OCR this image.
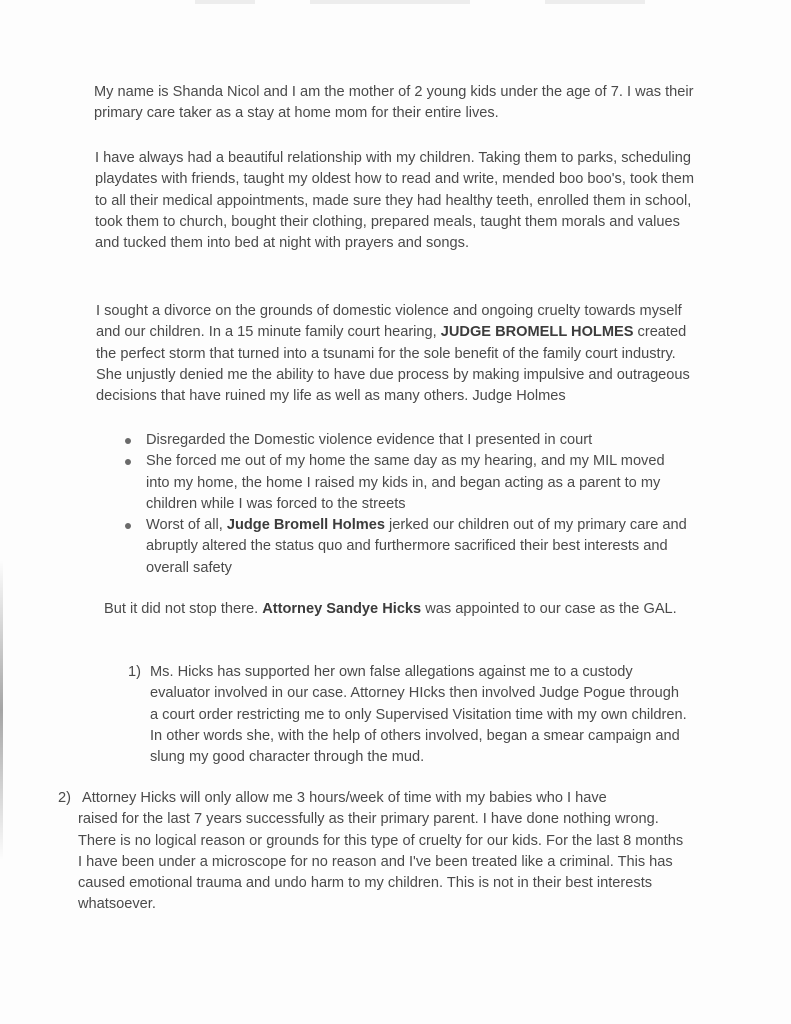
My name is Shanda Nicol and I am the mother of 2 young kids under the age of 7. I was their primary care taker as a stay at home mom for their entire lives.

I have always had a beautiful relationship with my children. Taking them to parks, scheduling playdates with friends, taught my oldest how to read and write, mended boo boo's, took them to all their medical appointments, made sure they had healthy teeth, enrolled them in school, took them to church, bought their clothing, prepared meals, taught them morals and values and tucked them into bed at night with prayers and songs.

I sought a divorce on the grounds of domestic violence and ongoing cruelty towards myself and our children. In a 15 minute family court hearing, JUDGE BROMELL HOLMES created the perfect storm that turned into a tsunami for the sole benefit of the family court industry. She unjustly denied me the ability to have due process by making impulsive and outrageous decisions that have ruined my life as well as many others. Judge Holmes

Disregarded the Domestic violence evidence that I presented in court
She forced me out of my home the same day as my hearing, and my MIL moved into my home, the home I raised my kids in, and began acting as a parent to my children while I was forced to the streets
Worst of all, Judge Bromell Holmes jerked our children out of my primary care and abruptly altered the status quo and furthermore sacrificed their best interests and overall safety

But it did not stop there. Attorney Sandye Hicks was appointed to our case as the GAL.

1) Ms. Hicks has supported her own false allegations against me to a custody evaluator involved in our case. Attorney HIcks then involved Judge Pogue through a court order restricting me to only Supervised Visitation time with my own children. In other words she, with the help of others involved, began a smear campaign and slung my good character through the mud.
2) Attorney Hicks will only allow me 3 hours/week of time with my babies who I have
raised for the last 7 years successfully as their primary parent. I have done nothing wrong. There is no logical reason or grounds for this type of cruelty for our kids. For the last 8 months I have been under a microscope for no reason and I've been treated like a criminal. This has caused emotional trauma and undo harm to my children. This is not in their best interests whatsoever.
